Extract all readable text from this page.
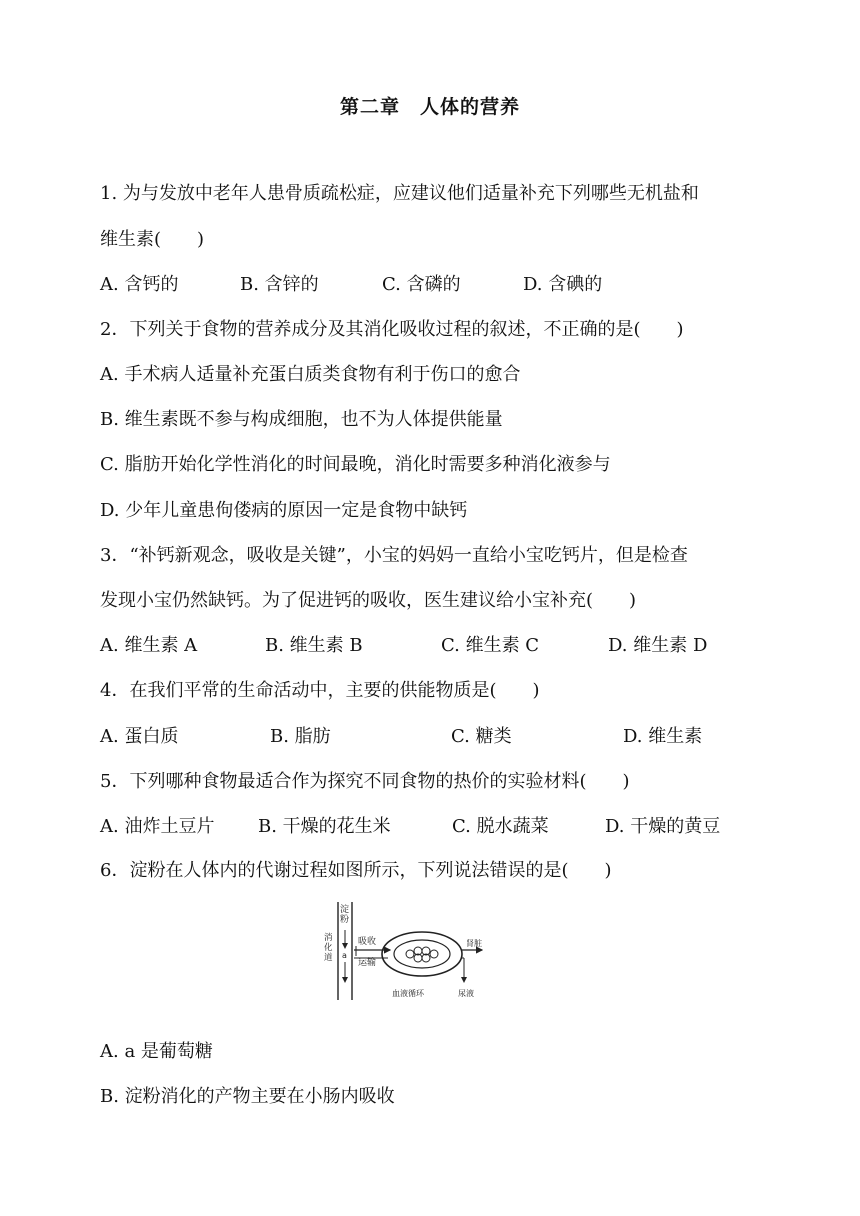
第二章　人体的营养
1. 为与发放中老年人患骨质疏松症，应建议他们适量补充下列哪些无机盐和
维生素(　　)
A. 含钙的	B. 含锌的	C. 含磷的	D. 含碘的
2．下列关于食物的营养成分及其消化吸收过程的叙述，不正确的是(　　)
A. 手术病人适量补充蛋白质类食物有利于伤口的愈合
B. 维生素既不参与构成细胞，也不为人体提供能量
C. 脂肪开始化学性消化的时间最晚，消化时需要多种消化液参与
D. 少年儿童患佝偻病的原因一定是食物中缺钙
3．“补钙新观念，吸收是关键”，小宝的妈妈一直给小宝吃钙片，但是检查
发现小宝仍然缺钙。为了促进钙的吸收，医生建议给小宝补充(　　)
A. 维生素 A	B. 维生素 B	C. 维生素 C	D. 维生素 D
4．在我们平常的生命活动中，主要的供能物质是(　　)
A. 蛋白质	B. 脂肪	C. 糖类	D. 维生素
5．下列哪种食物最适合作为探究不同食物的热价的实验材料(　　)
A. 油炸土豆片 B. 干燥的花生米	C. 脱水蔬菜	D. 干燥的黄豆
6．淀粉在人体内的代谢过程如图所示，下列说法错误的是(　　)
淀粉
消化道 a
吸收
运输
肾脏
血液循环	尿液
A. a 是葡萄糖
B. 淀粉消化的产物主要在小肠内吸收
